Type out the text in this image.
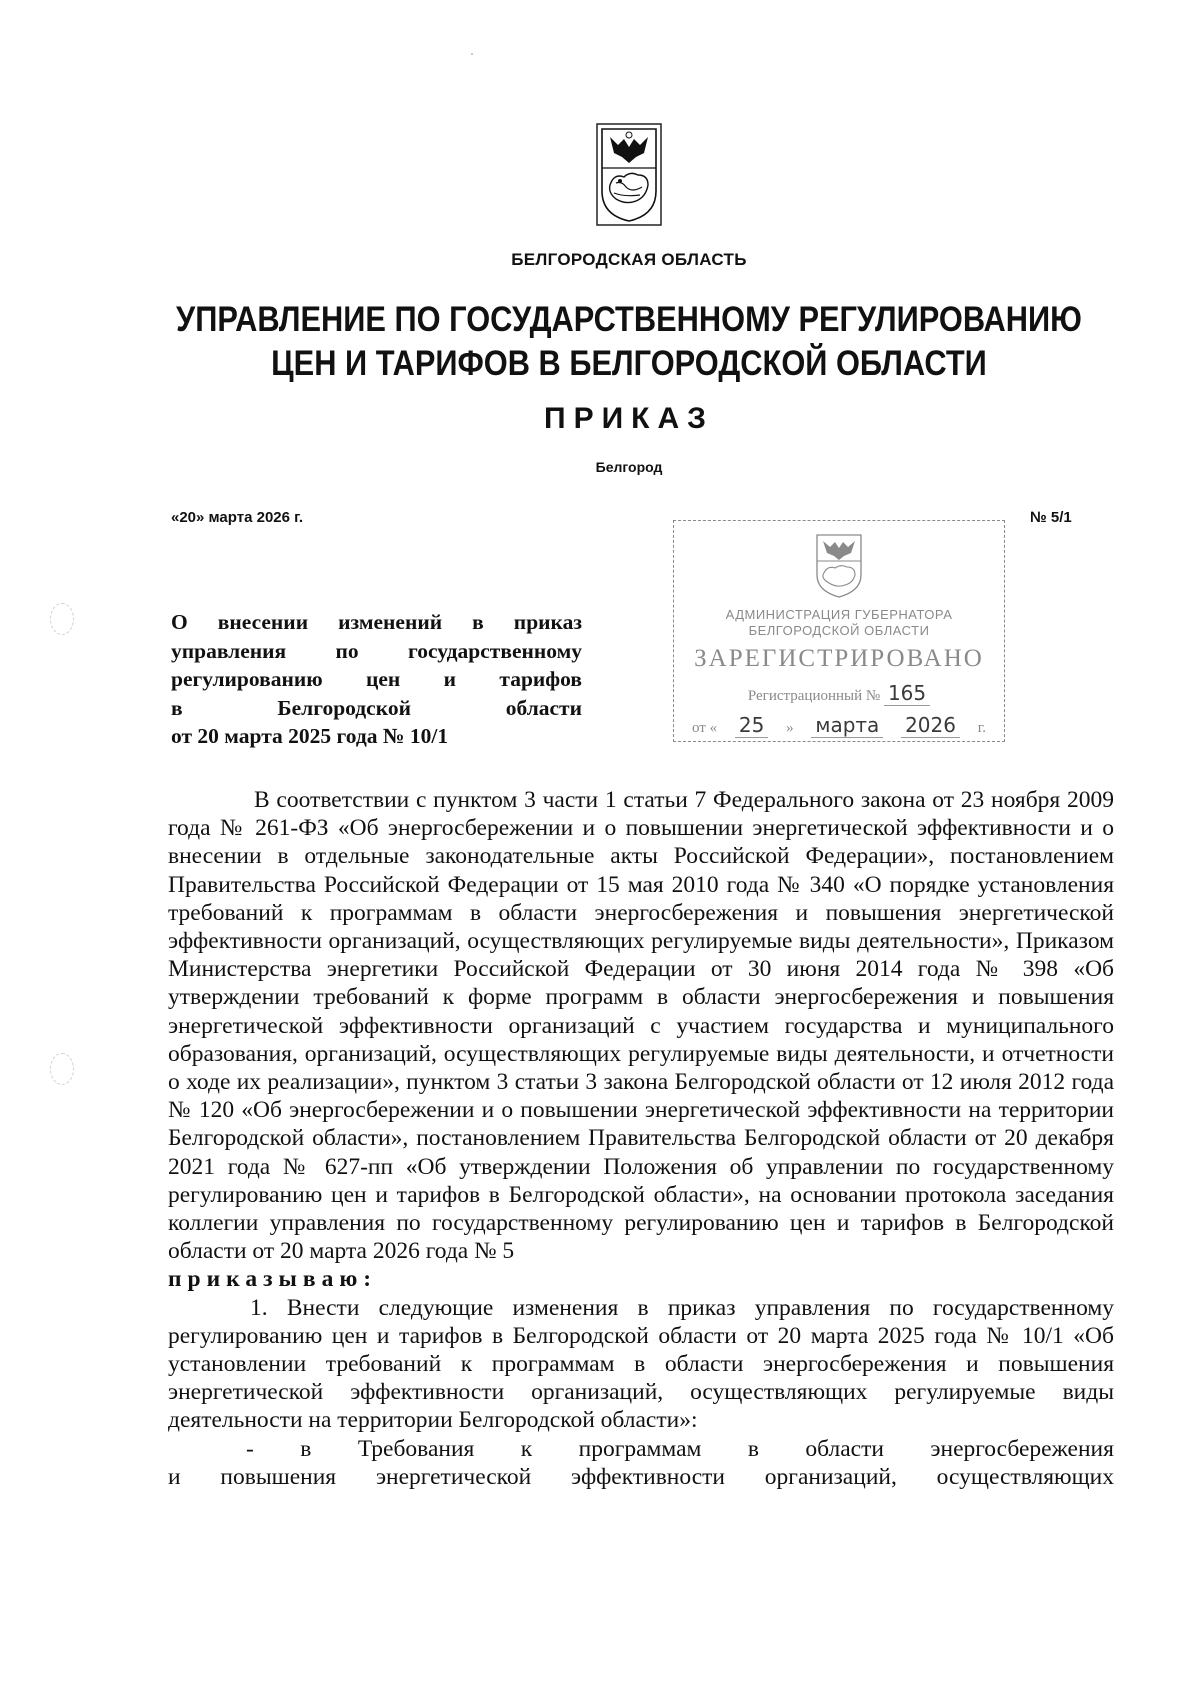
БЕЛГОРОДСКАЯ ОБЛАСТЬ
УПРАВЛЕНИЕ ПО ГОСУДАРСТВЕННОМУ РЕГУЛИРОВАНИЮ
ЦЕН И ТАРИФОВ В БЕЛГОРОДСКОЙ ОБЛАСТИ
ПРИКАЗ
Белгород
«20» марта 2026 г.	№ 5/1
АДМИНИСТРАЦИЯ ГУБЕРНАТОРА
БЕЛГОРОДСКОЙ ОБЛАСТИ
ЗАРЕГИСТРИРОВАНО
Регистрационный № 165
от « 25 » марта 2026 г.
О внесении изменений в приказ
управления по государственному
регулированию цен и тарифов
в	Белгородской	области
от 20 марта 2025 года № 10/1

В соответствии с пунктом 3 части 1 статьи 7 Федерального закона от 23 ноября 2009 года № 261-ФЗ «Об энергосбережении и о повышении энергетической эффективности и о внесении в отдельные законодательные акты Российской Федерации», постановлением Правительства Российской Федерации от 15 мая 2010 года № 340 «О порядке установления требований к программам в области энергосбережения и повышения энергетической эффективности организаций, осуществляющих регулируемые виды деятельности», Приказом Министерства энергетики Российской Федерации от 30 июня 2014 года № 398 «Об утверждении требований к форме программ в области энергосбережения и повышения энергетической эффективности организаций с участием государства и муниципального образования, организаций, осуществляющих регулируемые виды деятельности, и отчетности о ходе их реализации», пунктом 3 статьи 3 закона Белгородской области от 12 июля 2012 года № 120 «Об энергосбережении и о повышении энергетической эффективности на территории Белгородской области», постановлением Правительства Белгородской области от 20 декабря 2021 года № 627-пп «Об утверждении Положения об управлении по государственному регулированию цен и тарифов в Белгородской области», на основании протокола заседания коллегии управления по государственному регулированию цен и тарифов в Белгородской области от 20 марта 2026 года № 5

приказываю:

1. Внести следующие изменения в приказ управления по государственному регулированию цен и тарифов в Белгородской области от 20 марта 2025 года № 10/1 «Об установлении требований к программам в области энергосбережения и повышения энергетической эффективности организаций, осуществляющих регулируемые виды деятельности на территории Белгородской области»:

- в Требования к программам в области энергосбережения

и повышения энергетической эффективности организаций, осуществляющих
